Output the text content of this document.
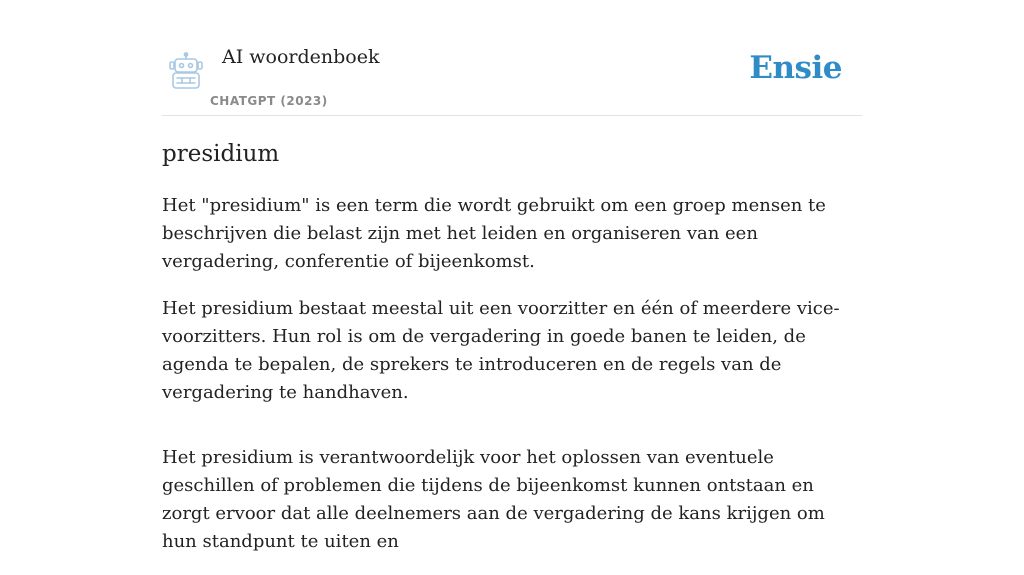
AI woordenboek
CHATGPT (2023)
Ensie
presidium

Het "presidium" is een term die wordt gebruikt om een groep mensen te beschrijven die belast zijn met het leiden en organiseren van een vergadering, conferentie of bijeenkomst.

Het presidium bestaat meestal uit een voorzitter en één of meerdere vice-voorzitters. Hun rol is om de vergadering in goede banen te leiden, de agenda te bepalen, de sprekers te introduceren en de regels van de vergadering te handhaven.

Het presidium is verantwoordelijk voor het oplossen van eventuele geschillen of problemen die tijdens de bijeenkomst kunnen ontstaan en zorgt ervoor dat alle deelnemers aan de vergadering de kans krijgen om hun standpunt te uiten en
